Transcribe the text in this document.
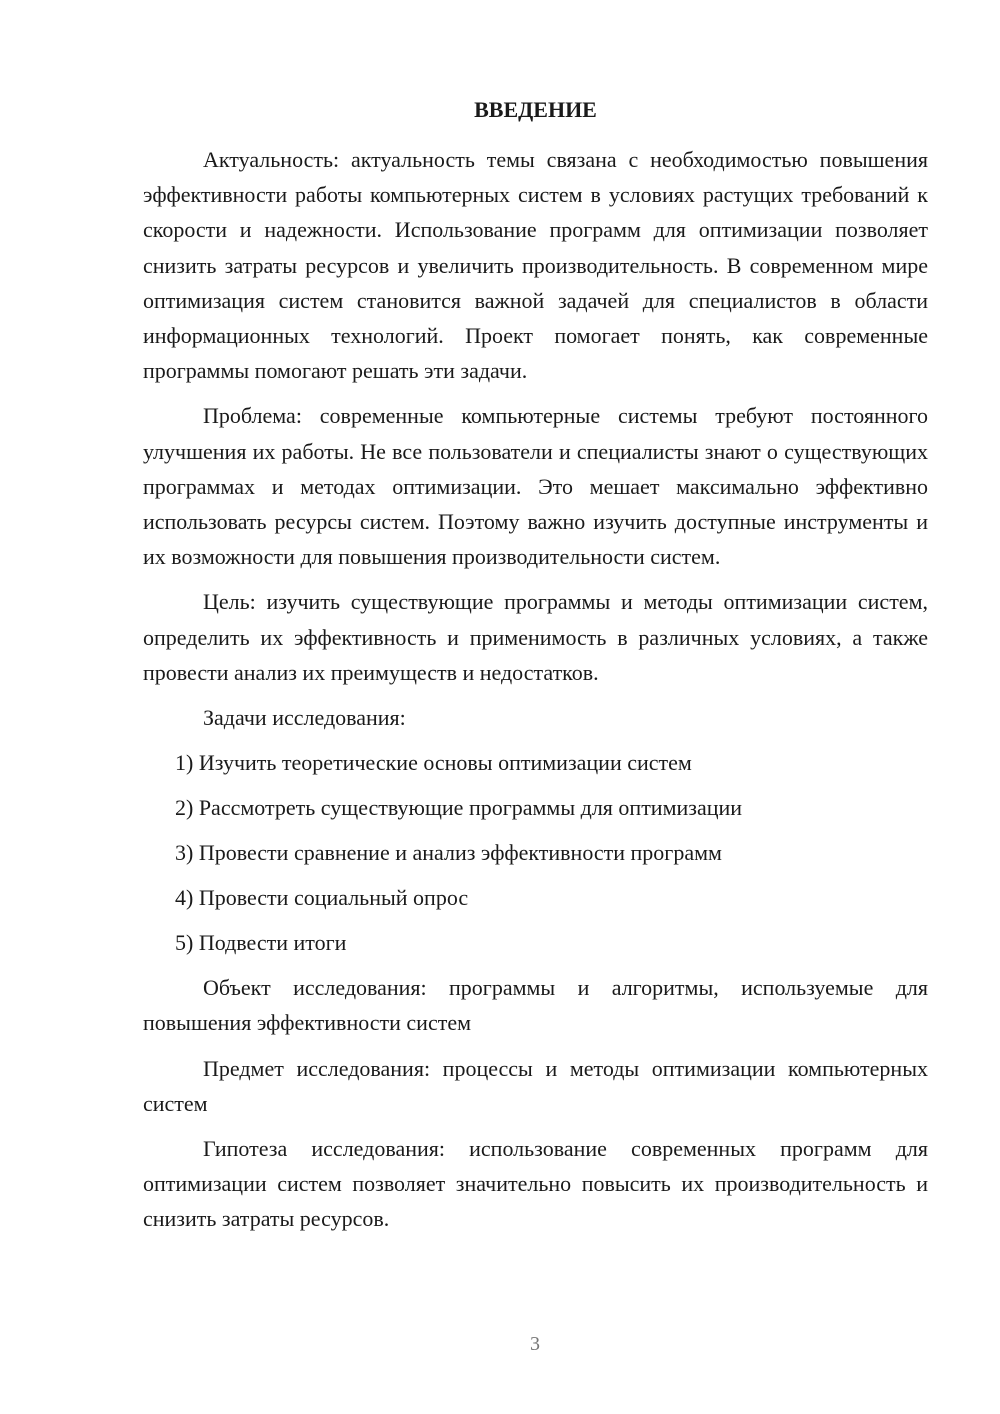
ВВЕДЕНИЕ

Актуальность: актуальность темы связана с необходимостью повышения эффективности работы компьютерных систем в условиях растущих требований к скорости и надежности. Использование программ для оптимизации позволяет снизить затраты ресурсов и увеличить производительность. В современном мире оптимизация систем становится важной задачей для специалистов в области информационных технологий. Проект помогает понять, как современные программы помогают решать эти задачи.

Проблема: современные компьютерные системы требуют постоянного улучшения их работы. Не все пользователи и специалисты знают о существующих программах и методах оптимизации. Это мешает максимально эффективно использовать ресурсы систем. Поэтому важно изучить доступные инструменты и их возможности для повышения производительности систем.

Цель: изучить существующие программы и методы оптимизации систем, определить их эффективность и применимость в различных условиях, а также провести анализ их преимуществ и недостатков.

Задачи исследования:

1) Изучить теоретические основы оптимизации систем
2) Рассмотреть существующие программы для оптимизации
3) Провести сравнение и анализ эффективности программ
4) Провести социальный опрос
5) Подвести итоги

Объект исследования: программы и алгоритмы, используемые для повышения эффективности систем

Предмет исследования: процессы и методы оптимизации компьютерных систем

Гипотеза исследования: использование современных программ для оптимизации систем позволяет значительно повысить их производительность и снизить затраты ресурсов.

3
